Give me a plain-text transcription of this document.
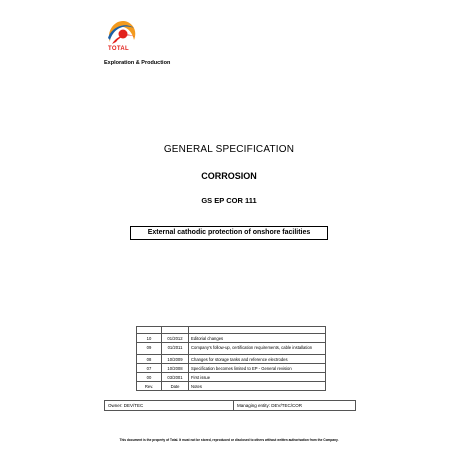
TOTAL
Exploration & Production
GENERAL SPECIFICATION
CORROSION
GS EP COR 111
External cathodic protection of onshore facilities

10	01/2012	Editorial changes
09	01/2011	Company's follow-up, certification requirements, cable installation
08	10/2009	Changes for storage tanks and reference electrodes
07	10/2008	Specification becomes limited to EP - General revision
00	03/2001	First issue
Rev.	Date	Notes
Owner: DEV/TEC	Managing entity: DEV/TEC/COR
This document is the property of Total. It must not be stored, reproduced or disclosed to others without written authorisation from the Company.
